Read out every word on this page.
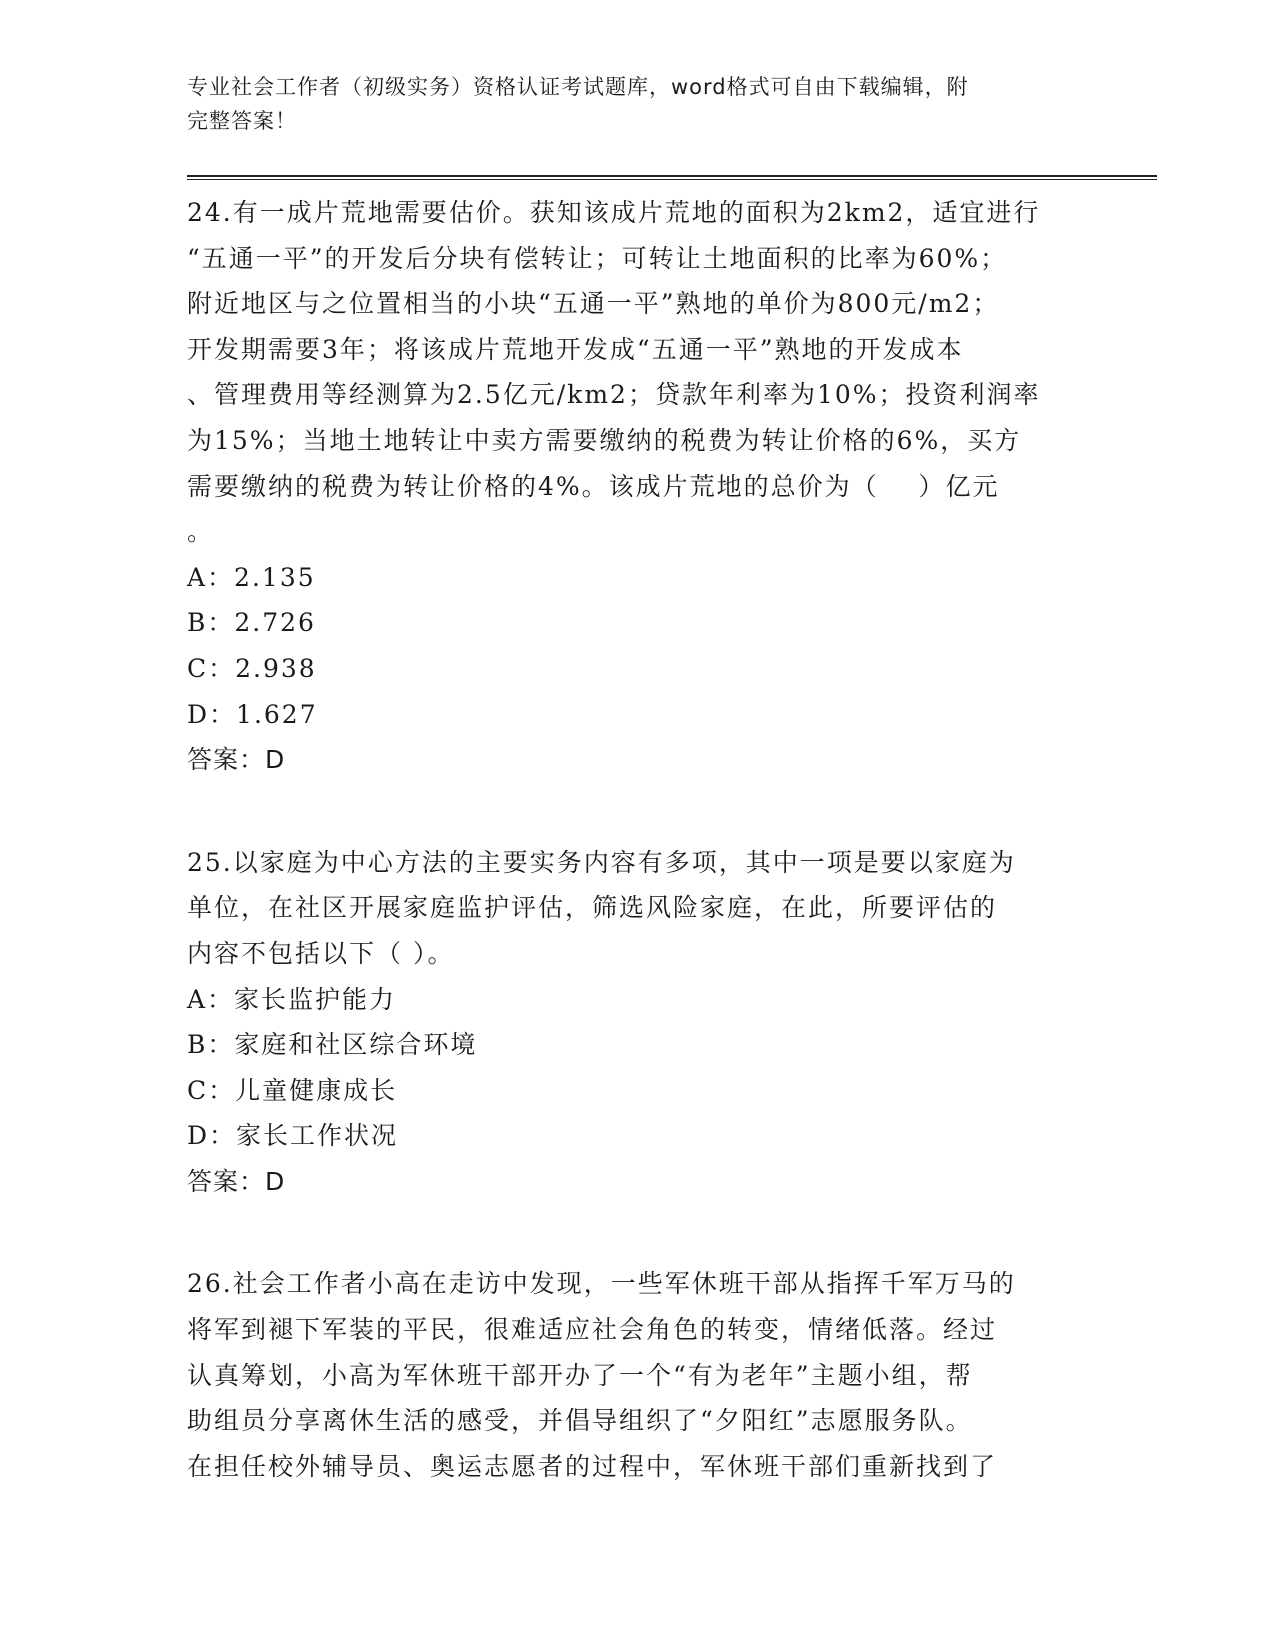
专业社会工作者（初级实务）资格认证考试题库，word格式可自由下载编辑，附
完整答案！

24.有一成片荒地需要估价。获知该成片荒地的面积为2km2，适宜进行

“五通一平”的开发后分块有偿转让；可转让土地面积的比率为60%；

附近地区与之位置相当的小块“五通一平”熟地的单价为800元/m2；

开发期需要3年；将该成片荒地开发成“五通一平”熟地的开发成本

、管理费用等经测算为2.5亿元/km2；贷款年利率为10%；投资利润率

为15%；当地土地转让中卖方需要缴纳的税费为转让价格的6%，买方

需要缴纳的税费为转让价格的4%。该成片荒地的总价为（    ）亿元

。

A：2.135

B：2.726

C：2.938

D：1.627

答案：D

25.以家庭为中心方法的主要实务内容有多项，其中一项是要以家庭为

单位，在社区开展家庭监护评估，筛选风险家庭，在此，所要评估的

内容不包括以下（ ）。

A：家长监护能力

B：家庭和社区综合环境

C：儿童健康成长

D：家长工作状况

答案：D

26.社会工作者小高在走访中发现，一些军休班干部从指挥千军万马的

将军到褪下军装的平民，很难适应社会角色的转变，情绪低落。经过

认真筹划，小高为军休班干部开办了一个“有为老年”主题小组，帮

助组员分享离休生活的感受，并倡导组织了“夕阳红”志愿服务队。

在担任校外辅导员、奥运志愿者的过程中，军休班干部们重新找到了
